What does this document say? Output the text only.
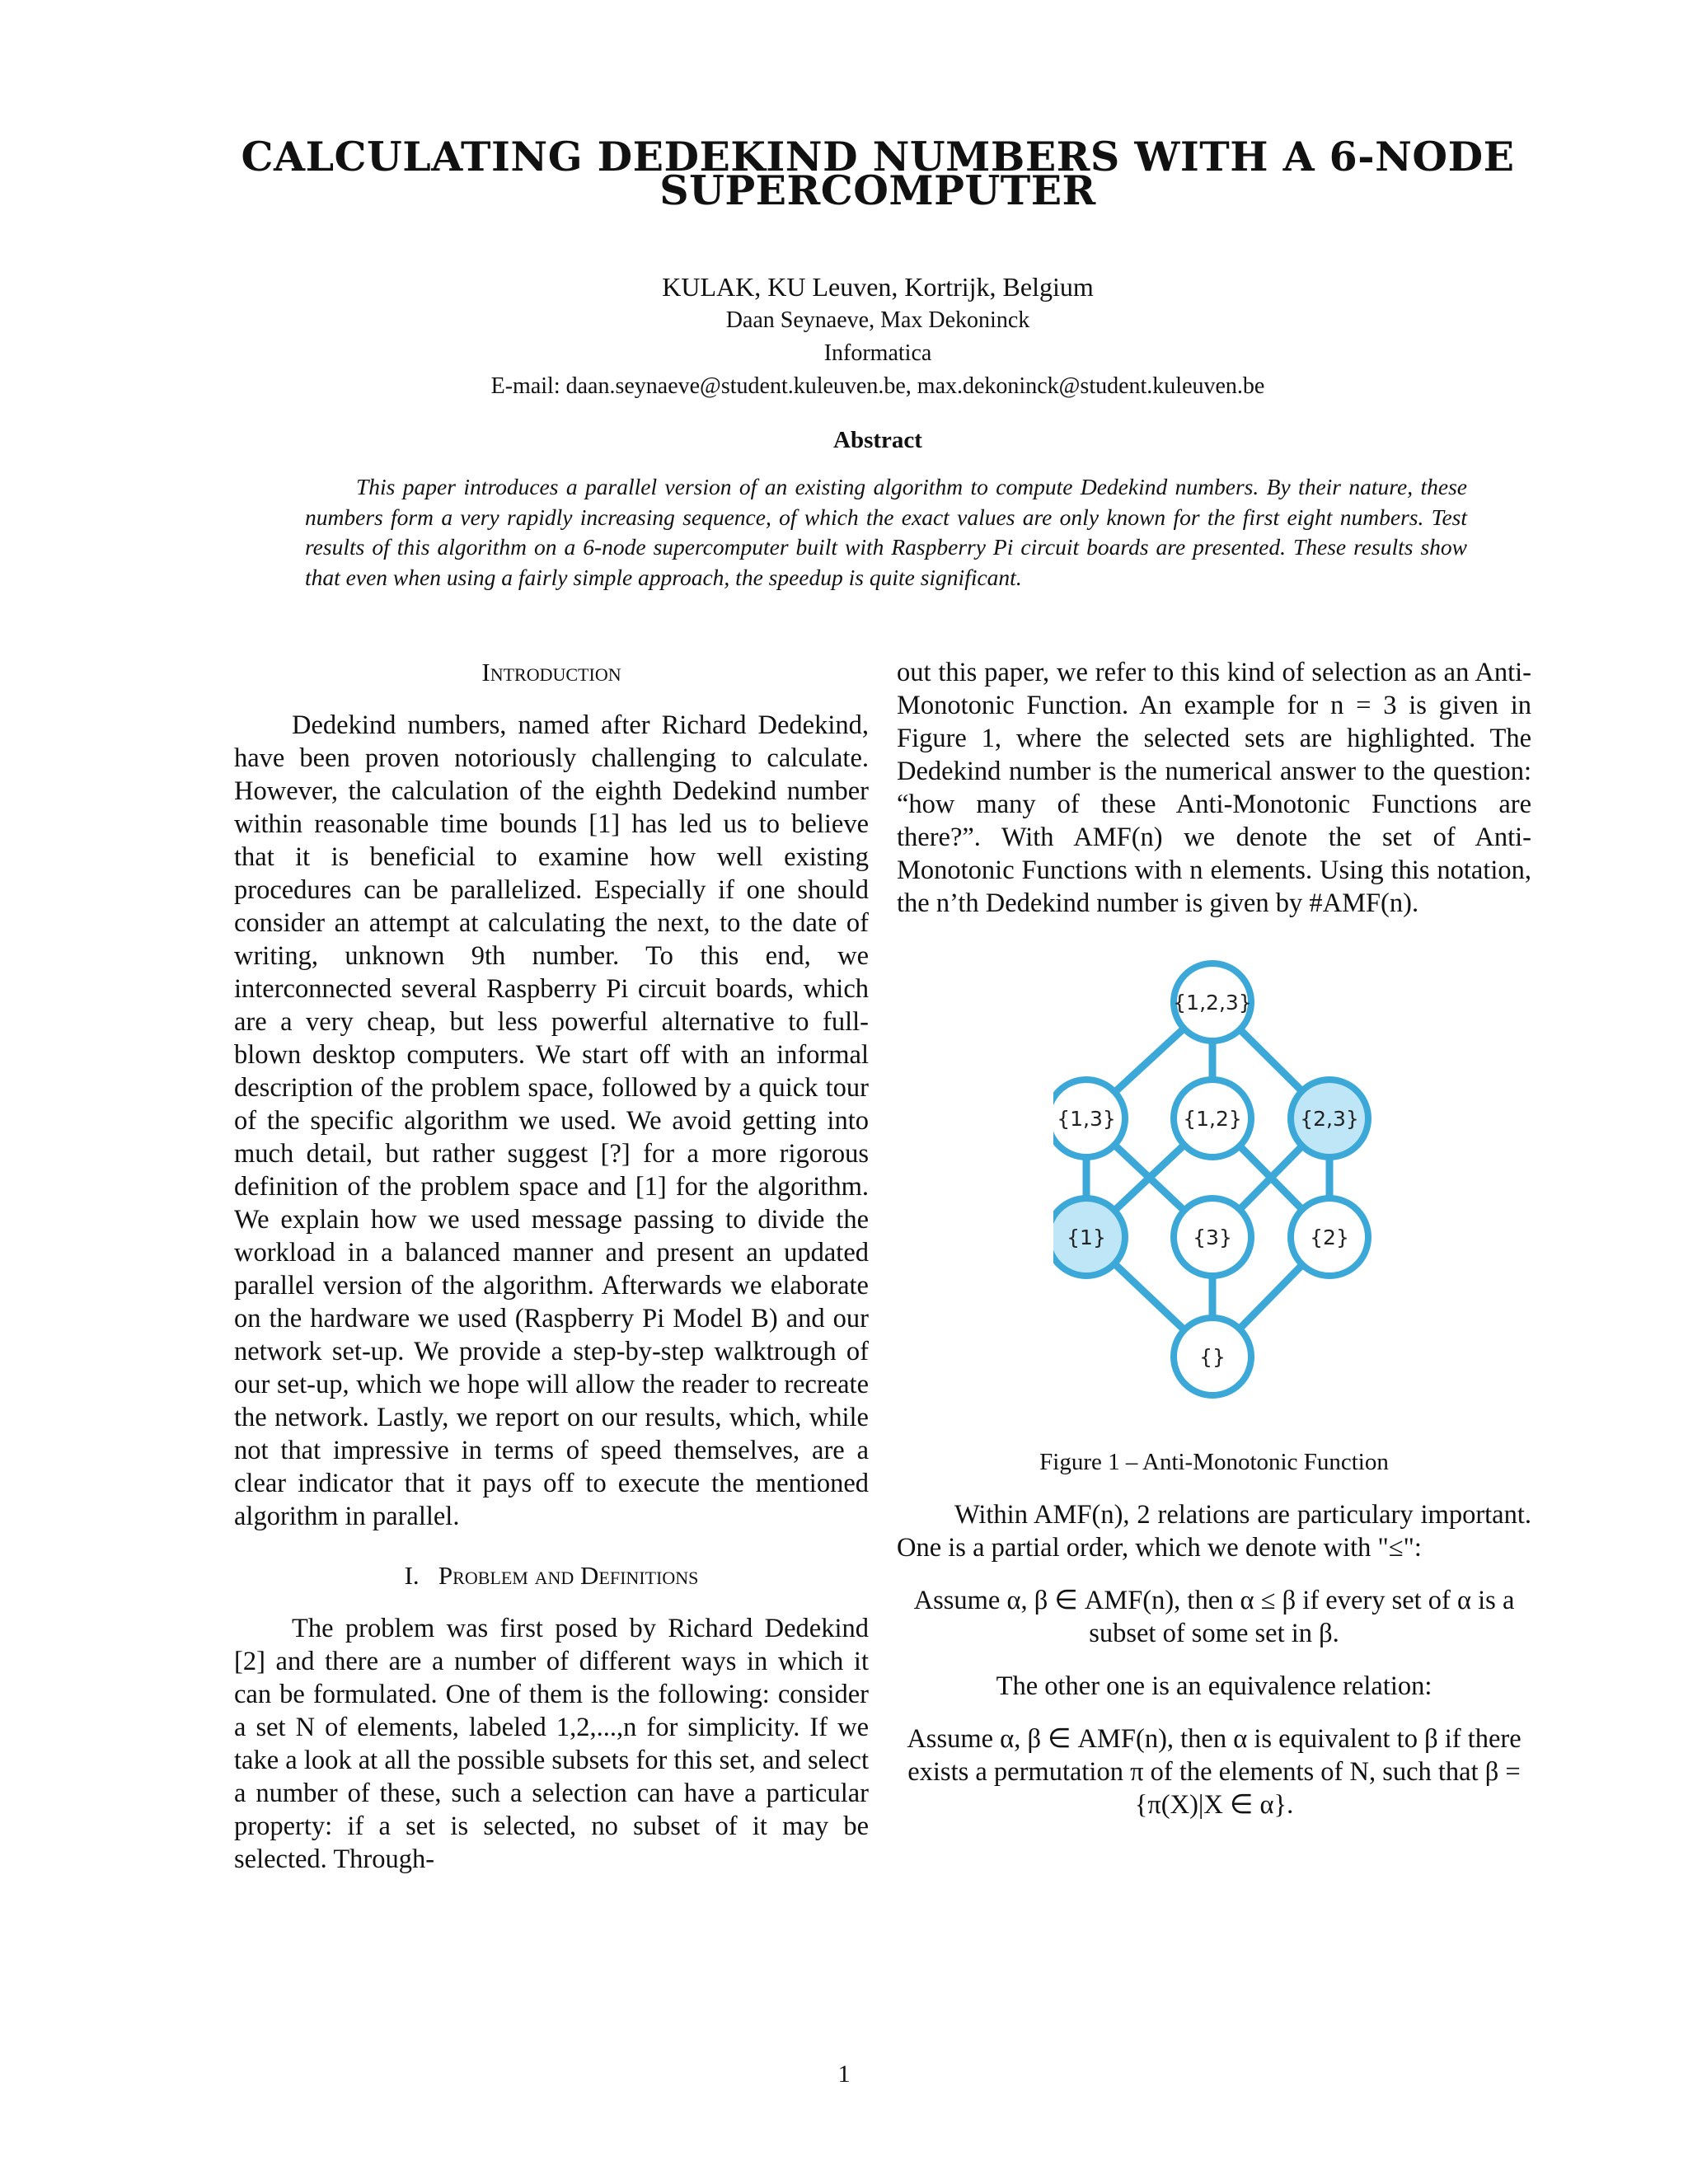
CALCULATING DEDEKIND NUMBERS WITH A 6-NODE SUPERCOMPUTER
KULAK, KU Leuven, Kortrijk, Belgium
Daan Seynaeve, Max Dekoninck
Informatica
E-mail: daan.seynaeve@student.kuleuven.be, max.dekoninck@student.kuleuven.be
Abstract
This paper introduces a parallel version of an existing algorithm to compute Dedekind numbers. By their nature, these numbers form a very rapidly increasing sequence, of which the exact values are only known for the first eight numbers. Test results of this algorithm on a 6-node supercomputer built with Raspberry Pi circuit boards are presented. These results show that even when using a fairly simple approach, the speedup is quite significant.

Introduction

Dedekind numbers, named after Richard Dedekind, have been proven notoriously challenging to calculate. However, the calculation of the eighth Dedekind number within reasonable time bounds [1] has led us to believe that it is beneficial to examine how well existing procedures can be parallelized. Especially if one should consider an attempt at calculating the next, to the date of writing, unknown 9th number. To this end, we interconnected several Raspberry Pi circuit boards, which are a very cheap, but less powerful alternative to full-blown desktop computers. We start off with an informal description of the problem space, followed by a quick tour of the specific algorithm we used. We avoid getting into much detail, but rather suggest [?] for a more rigorous definition of the problem space and [1] for the algorithm. We explain how we used message passing to divide the workload in a balanced manner and present an updated parallel version of the algorithm. Afterwards we elaborate on the hardware we used (Raspberry Pi Model B) and our network set-up. We provide a step-by-step walktrough of our set-up, which we hope will allow the reader to recreate the network. Lastly, we report on our results, which, while not that impressive in terms of speed themselves, are a clear indicator that it pays off to execute the mentioned algorithm in parallel.

I.   Problem and Definitions

The problem was first posed by Richard Dedekind [2] and there are a number of different ways in which it can be formulated. One of them is the following: consider a set N of elements, labeled 1,2,...,n for simplicity. If we take a look at all the possible subsets for this set, and select a number of these, such a selection can have a particular property: if a set is selected, no subset of it may be selected. Through-

out this paper, we refer to this kind of selection as an Anti-Monotonic Function. An example for n = 3 is given in Figure 1, where the selected sets are highlighted. The Dedekind number is the numerical answer to the question: “how many of these Anti-Monotonic Functions are there?”. With AMF(n) we denote the set of Anti-Monotonic Functions with n elements. Using this notation, the n’th Dedekind number is given by #AMF(n).

{1,2,3}
{1,3}	{1,2}	{2,3}
{1}	{3}	{2}
{}

Figure 1 – Anti-Monotonic Function

Within AMF(n), 2 relations are particulary important. One is a partial order, which we denote with "≤":

Assume α, β ∈ AMF(n), then α ≤ β if every set of α is a subset of some set in β.

The other one is an equivalence relation:

Assume α, β ∈ AMF(n), then α is equivalent to β if there exists a permutation π of the elements of N, such that β = {π(X)|X ∈ α}.

1
